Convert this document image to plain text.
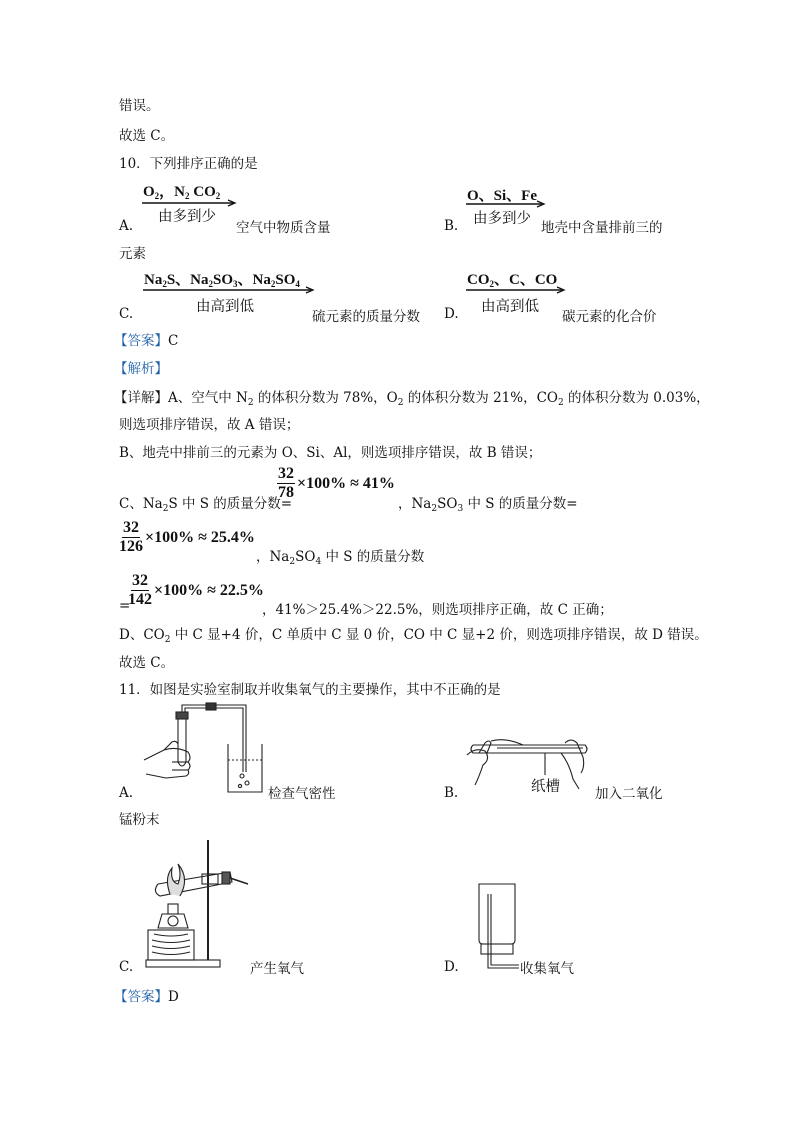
错误。
故选 C。
10．下列排序正确的是
$O_2$，$N_2$ $CO_2$
由多到少
A.	空气中物质含量
元素
O、Si、Fe
由多到少
B.	地壳中含量排前三的
$Na_2S$、$Na_2SO_3$、$Na_2SO_4$
由高到低
C.	硫元素的质量分数
$CO_2$、C、CO
由高到低
D.	碳元素的化合价
【答案】C
【解析】
【详解】A、空气中 $N_2$ 的体积分数为 78%，$O_2$ 的体积分数为 21%，$CO_2$ 的体积分数为 0.03%，
则选项排序错误，故 A 错误；
B、地壳中排前三的元素为 O、Si、Al，则选项排序错误，故 B 错误；
C、$Na_2S$ 中 S 的质量分数=
$\frac{32}{78} \times 100\% \approx 41\%$
，$Na_2SO_3$ 中 S 的质量分数=
$\frac{32}{126} \times 100\% \approx 25.4\%$
，$Na_2SO_4$ 中 S 的质量分数
=
$\frac{32}{142} \times 100\% \approx 22.5\%$
，41%＞25.4%＞22.5%，则选项排序正确，故 C 正确；
D、$CO_2$ 中 C 显+4 价，C 单质中 C 显 0 价，CO 中 C 显+2 价，则选项排序错误，故 D 错误。
故选 C。
11．如图是实验室制取并收集氧气的主要操作，其中不正确的是
A.	检查气密性	纸槽
B.	加入二氧化
锰粉末
C.	产生氧气	D.	收集氧气
【答案】D
